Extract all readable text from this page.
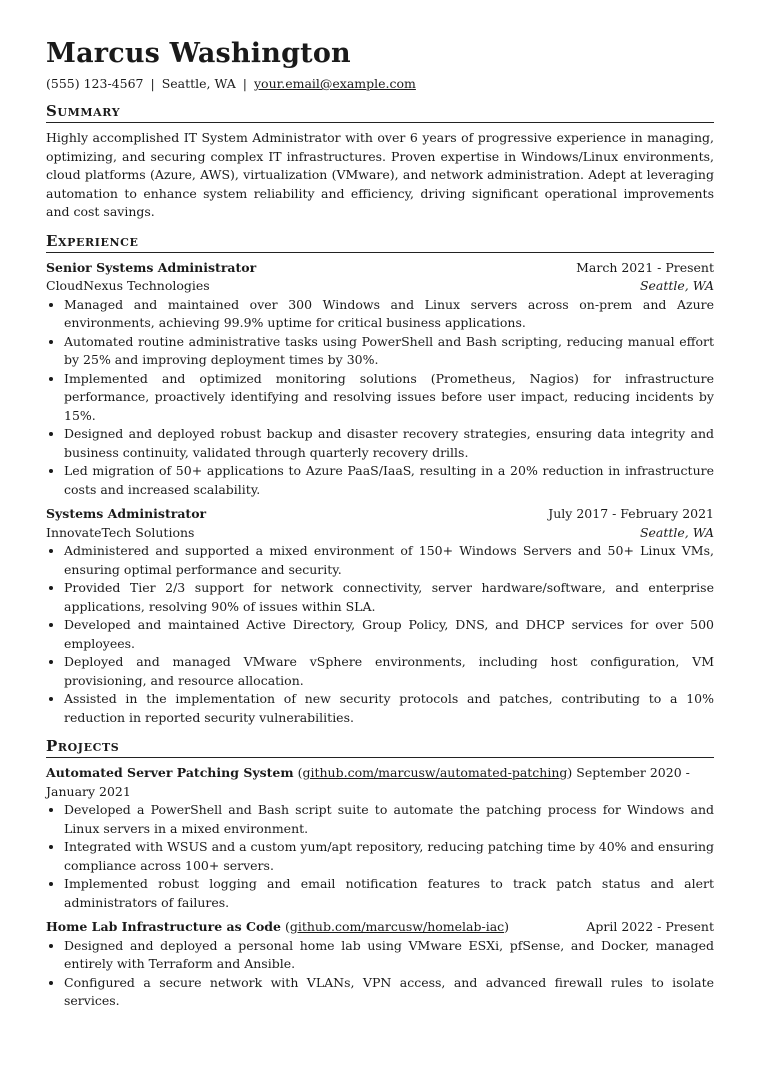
Marcus Washington
(555) 123-4567 | Seattle, WA | your.email@example.com
Summary
Highly accomplished IT System Administrator with over 6 years of progressive experience in managing, optimizing, and securing complex IT infrastructures. Proven expertise in Windows/Linux environments, cloud platforms (Azure, AWS), virtualization (VMware), and network administration. Adept at leveraging automation to enhance system reliability and efficiency, driving significant operational improvements and cost savings.
Experience
Senior Systems Administrator	March 2021 - Present
CloudNexus Technologies	Seattle, WA
• Managed and maintained over 300 Windows and Linux servers across on-prem and Azure environments, achieving 99.9% uptime for critical business applications.
• Automated routine administrative tasks using PowerShell and Bash scripting, reducing manual effort by 25% and improving deployment times by 30%.
• Implemented and optimized monitoring solutions (Prometheus, Nagios) for infrastructure performance, proactively identifying and resolving issues before user impact, reducing incidents by 15%.
• Designed and deployed robust backup and disaster recovery strategies, ensuring data integrity and business continuity, validated through quarterly recovery drills.
• Led migration of 50+ applications to Azure PaaS/IaaS, resulting in a 20% reduction in infrastructure costs and increased scalability.
Systems Administrator	July 2017 - February 2021
InnovateTech Solutions	Seattle, WA
• Administered and supported a mixed environment of 150+ Windows Servers and 50+ Linux VMs, ensuring optimal performance and security.
• Provided Tier 2/3 support for network connectivity, server hardware/software, and enterprise applications, resolving 90% of issues within SLA.
• Developed and maintained Active Directory, Group Policy, DNS, and DHCP services for over 500 employees.
• Deployed and managed VMware vSphere environments, including host configuration, VM provisioning, and resource allocation.
• Assisted in the implementation of new security protocols and patches, contributing to a 10% reduction in reported security vulnerabilities.
Projects
Automated Server Patching System (github.com/marcusw/automated-patching) September 2020 - January 2021
• Developed a PowerShell and Bash script suite to automate the patching process for Windows and Linux servers in a mixed environment.
• Integrated with WSUS and a custom yum/apt repository, reducing patching time by 40% and ensuring compliance across 100+ servers.
• Implemented robust logging and email notification features to track patch status and alert administrators of failures.
Home Lab Infrastructure as Code (github.com/marcusw/homelab-iac)	April 2022 - Present
• Designed and deployed a personal home lab using VMware ESXi, pfSense, and Docker, managed entirely with Terraform and Ansible.
• Configured a secure network with VLANs, VPN access, and advanced firewall rules to isolate services.
